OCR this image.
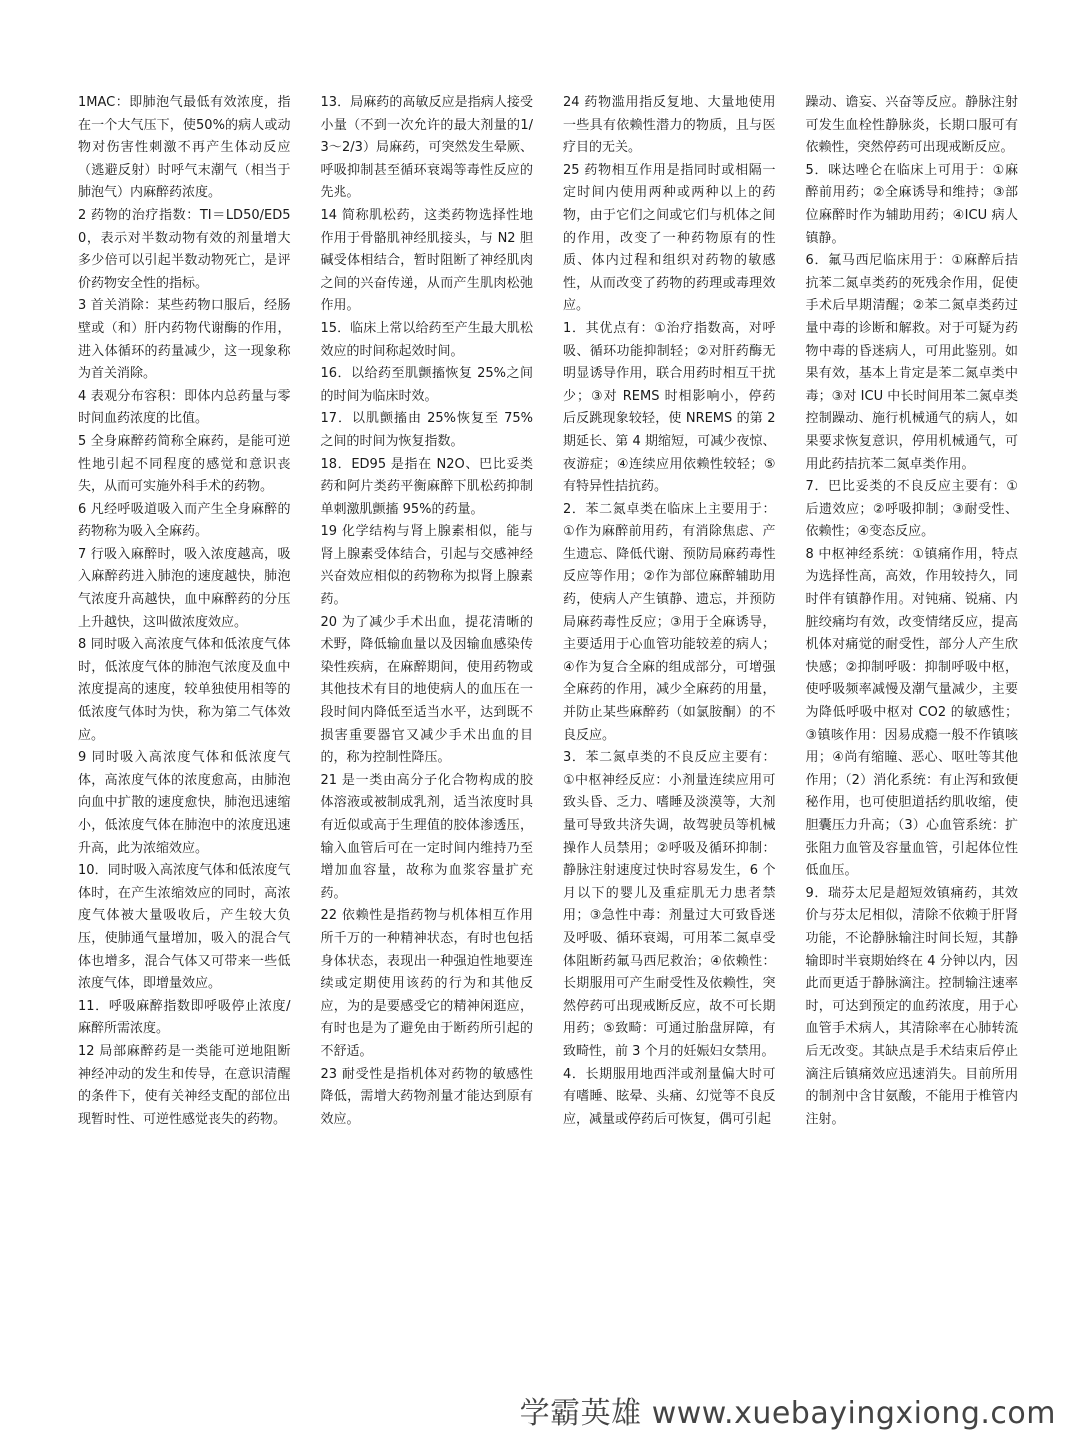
1MAC：即肺泡气最低有效浓度，指在一个大气压下，使50%的病人或动物对伤害性刺激不再产生体动反应（逃避反射）时呼气末潮气（相当于肺泡气）内麻醉药浓度。

2 药物的治疗指数：TI＝LD50/ED50，表示对半数动物有效的剂量增大多少倍可以引起半数动物死亡，是评价药物安全性的指标。

3 首关消除：某些药物口服后，经肠壁或（和）肝内药物代谢酶的作用，进入体循环的药量减少，这一现象称为首关消除。

4 表观分布容积：即体内总药量与零时间血药浓度的比值。

5 全身麻醉药简称全麻药，是能可逆性地引起不同程度的感觉和意识丧失，从而可实施外科手术的药物。

6 凡经呼吸道吸入而产生全身麻醉的药物称为吸入全麻药。

7 行吸入麻醉时，吸入浓度越高，吸入麻醉药进入肺泡的速度越快，肺泡气浓度升高越快，血中麻醉药的分压上升越快，这叫做浓度效应。

8 同时吸入高浓度气体和低浓度气体时，低浓度气体的肺泡气浓度及血中浓度提高的速度，较单独使用相等的低浓度气体时为快，称为第二气体效应。

9 同时吸入高浓度气体和低浓度气体，高浓度气体的浓度愈高，由肺泡向血中扩散的速度愈快，肺泡迅速缩小，低浓度气体在肺泡中的浓度迅速升高，此为浓缩效应。

10．同时吸入高浓度气体和低浓度气体时，在产生浓缩效应的同时，高浓度气体被大量吸收后，产生较大负压，使肺通气量增加，吸入的混合气体也增多，混合气体又可带来一些低浓度气体，即增量效应。

11．呼吸麻醉指数即呼吸停止浓度/麻醉所需浓度。

12 局部麻醉药是一类能可逆地阻断神经冲动的发生和传导，在意识清醒的条件下，使有关神经支配的部位出现暂时性、可逆性感觉丧失的药物。

13．局麻药的高敏反应是指病人接受小量（不到一次允许的最大剂量的1/3～2/3）局麻药，可突然发生晕厥、呼吸抑制甚至循环衰竭等毒性反应的先兆。

14 简称肌松药，这类药物选择性地作用于骨骼肌神经肌接头，与 N2 胆碱受体相结合，暂时阻断了神经肌肉之间的兴奋传递，从而产生肌肉松弛作用。

15．临床上常以给药至产生最大肌松效应的时间称起效时间。

16．以给药至肌颤搐恢复 25%之间的时间为临床时效。

17．以肌颤搐由 25%恢复至 75%之间的时间为恢复指数。

18．ED95 是指在 N2O、巴比妥类药和阿片类药平衡麻醉下肌松药抑制单刺激肌颤搐 95%的药量。

19 化学结构与肾上腺素相似，能与肾上腺素受体结合，引起与交感神经兴奋效应相似的药物称为拟肾上腺素药。

20 为了减少手术出血，提花清晰的术野，降低输血量以及因输血感染传染性疾病，在麻醉期间，使用药物或其他技术有目的地使病人的血压在一段时间内降低至适当水平，达到既不损害重要器官又减少手术出血的目的，称为控制性降压。

21 是一类由高分子化合物构成的胶体溶液或被制成乳剂，适当浓度时具有近似或高于生理值的胶体渗透压，输入血管后可在一定时间内维持乃至增加血容量，故称为血浆容量扩充药。

22 依赖性是指药物与机体相互作用所千万的一种精神状态，有时也包括身体状态，表现出一种强迫性地要连续或定期使用该药的行为和其他反应，为的是要感受它的精神闲逛应，有时也是为了避免由于断药所引起的不舒适。

23 耐受性是指机体对药物的敏感性降低，需增大药物剂量才能达到原有效应。

24 药物滥用指反复地、大量地使用一些具有依赖性潜力的物质，且与医疗目的无关。

25 药物相互作用是指同时或相隔一定时间内使用两种或两种以上的药物，由于它们之间或它们与机体之间的作用，改变了一种药物原有的性质、体内过程和组织对药物的敏感性，从而改变了药物的药理或毒理效应。

1．其优点有：①治疗指数高，对呼吸、循环功能抑制轻；②对肝药酶无明显诱导作用，联合用药时相互干扰少；③对 REMS 时相影响小，停药后反跳现象较轻，使 NREMS 的第 2 期延长、第 4 期缩短，可减少夜惊、夜游症；④连续应用依赖性较轻；⑤有特异性拮抗药。

2．苯二氮卓类在临床上主要用于：①作为麻醉前用药，有消除焦虑、产生遗忘、降低代谢、预防局麻药毒性反应等作用；②作为部位麻醉辅助用药，使病人产生镇静、遗忘，并预防局麻药毒性反应；③用于全麻诱导，主要适用于心血管功能较差的病人；④作为复合全麻的组成部分，可增强全麻药的作用，减少全麻药的用量，并防止某些麻醉药（如氯胺酮）的不良反应。

3．苯二氮卓类的不良反应主要有：①中枢神经反应：小剂量连续应用可致头昏、乏力、嗜睡及淡漠等，大剂量可导致共济失调，故驾驶员等机械操作人员禁用；②呼吸及循环抑制：静脉注射速度过快时容易发生，6 个月以下的婴儿及重症肌无力患者禁用；③急性中毒：剂量过大可致昏迷及呼吸、循环衰竭，可用苯二氮卓受体阻断药氟马西尼救治；④依赖性：长期服用可产生耐受性及依赖性，突然停药可出现戒断反应，故不可长期用药；⑤致畸：可通过胎盘屏障，有致畸性，前 3 个月的妊娠妇女禁用。

4．长期服用地西泮或剂量偏大时可有嗜睡、眩晕、头痛、幻觉等不良反应，减量或停药后可恢复，偶可引起

躁动、谵妄、兴奋等反应。静脉注射可发生血栓性静脉炎，长期口服可有依赖性，突然停药可出现戒断反应。

5．咪达唑仑在临床上可用于：①麻醉前用药；②全麻诱导和维持；③部位麻醉时作为辅助用药；④ICU 病人镇静。

6．氟马西尼临床用于：①麻醉后拮抗苯二氮卓类药的死残余作用，促使手术后早期清醒；②苯二氮卓类药过量中毒的诊断和解救。对于可疑为药物中毒的昏迷病人，可用此鉴别。如果有效，基本上肯定是苯二氮卓类中毒；③对 ICU 中长时间用苯二氮卓类控制躁动、施行机械通气的病人，如果要求恢复意识，停用机械通气，可用此药拮抗苯二氮卓类作用。

7．巴比妥类的不良反应主要有：①后遗效应；②呼吸抑制；③耐受性、依赖性；④变态反应。

8 中枢神经系统：①镇痛作用，特点为选择性高，高效，作用较持久，同时伴有镇静作用。对钝痛、锐痛、内脏绞痛均有效，改变情绪反应，提高机体对痛觉的耐受性，部分人产生欣快感；②抑制呼吸：抑制呼吸中枢，使呼吸频率减慢及潮气量减少，主要为降低呼吸中枢对 CO2 的敏感性；③镇咳作用：因易成瘾一般不作镇咳用；④尚有缩瞳、恶心、呕吐等其他作用；（2）消化系统：有止泻和致便秘作用，也可使胆道括约肌收缩，使胆囊压力升高；（3）心血管系统：扩张阻力血管及容量血管，引起体位性低血压。

9．瑞芬太尼是超短效镇痛药，其效价与芬太尼相似，清除不依赖于肝肾功能，不论静脉输注时间长短，其静输即时半衰期始终在 4 分钟以内，因此而更适于静脉滴注。控制输注速率时，可达到预定的血药浓度，用于心血管手术病人，其清除率在心肺转流后无改变。其缺点是手术结束后停止滴注后镇痛效应迅速消失。目前所用的制剂中含甘氨酸，不能用于椎管内注射。

学霸英雄 www.xuebayingxiong.com
